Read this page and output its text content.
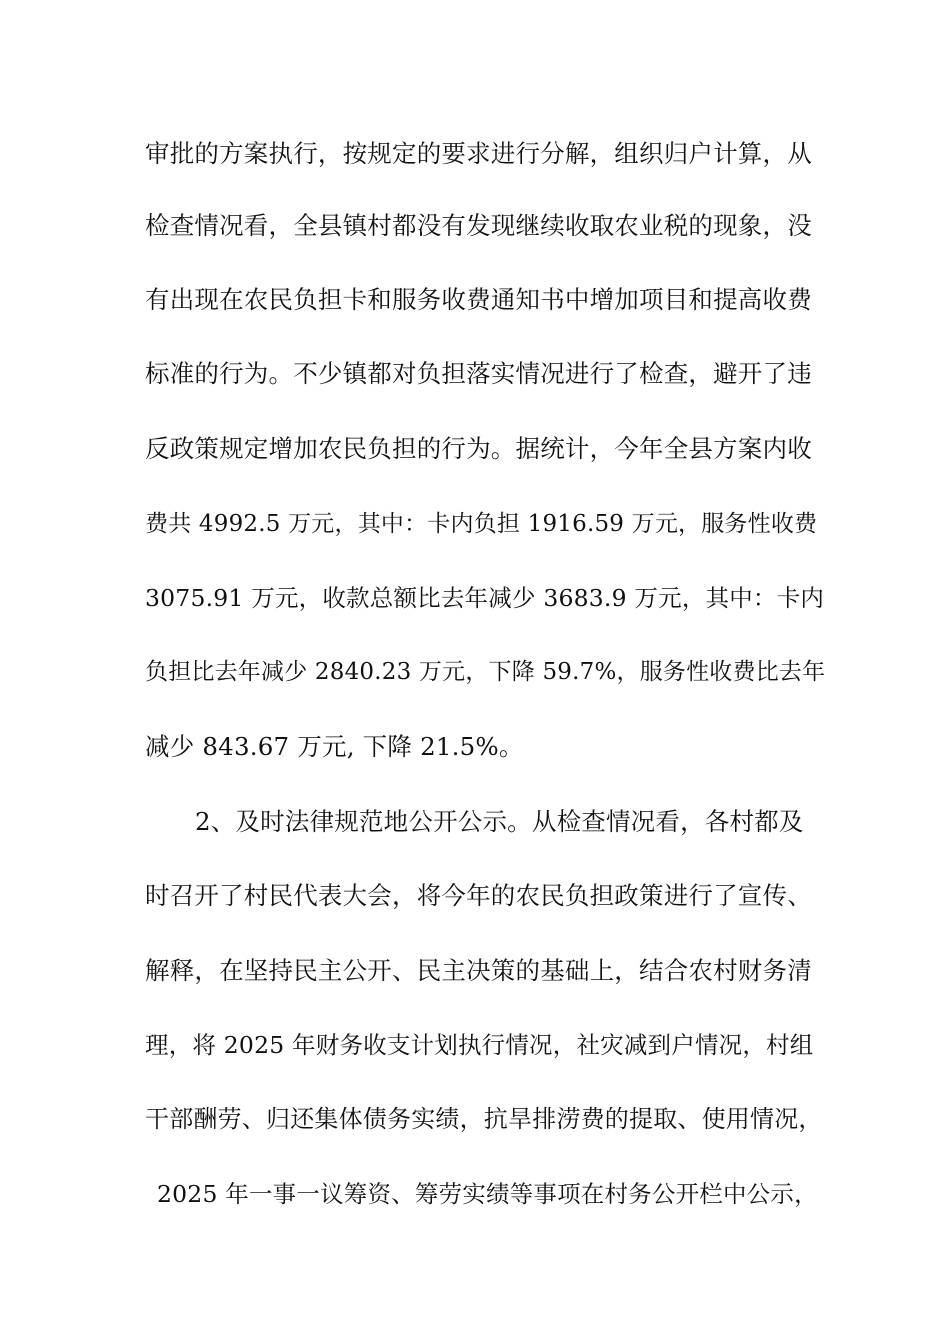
审批的方案执行，按规定的要求进行分解，组织归户计算，从
检查情况看，全县镇村都没有发现继续收取农业税的现象，没
有出现在农民负担卡和服务收费通知书中增加项目和提高收费
标准的行为。不少镇都对负担落实情况进行了检查，避开了违
反政策规定增加农民负担的行为。据统计，今年全县方案内收
费共 4992.5 万元，其中：卡内负担 1916.59 万元，服务性收费
3075.91 万元，收款总额比去年减少 3683.9 万元，其中：卡内
负担比去年减少 2840.23 万元，下降 59.7%，服务性收费比去年
减少 843.67 万元, 下降 21.5%。
2、及时法律规范地公开公示。从检查情况看，各村都及
时召开了村民代表大会，将今年的农民负担政策进行了宣传、
解释，在坚持民主公开、民主决策的基础上，结合农村财务清
理，将 2025 年财务收支计划执行情况，社灾减到户情况，村组
干部酬劳、归还集体债务实绩，抗旱排涝费的提取、使用情况，
2025 年一事一议筹资、筹劳实绩等事项在村务公开栏中公示，
